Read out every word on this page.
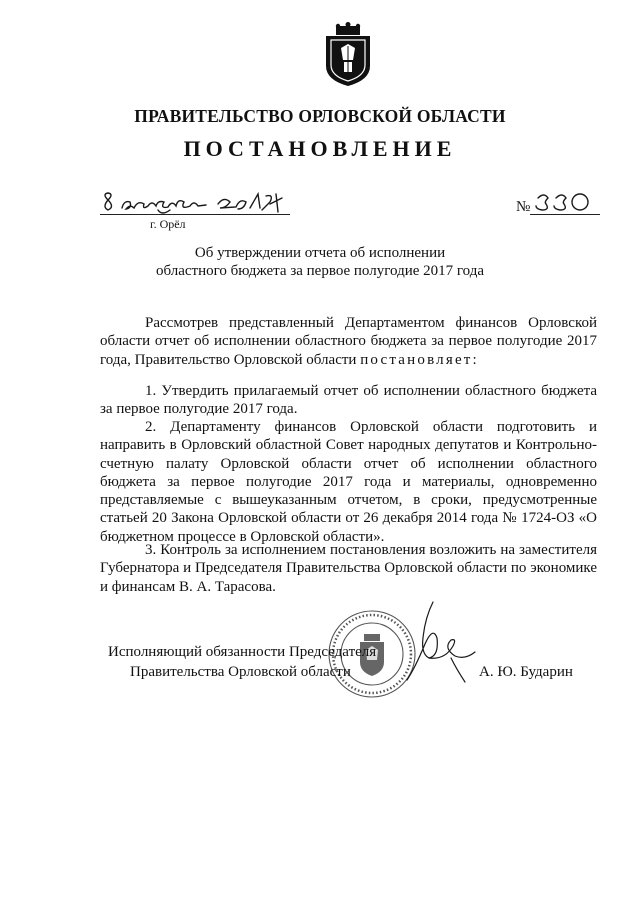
ПРАВИТЕЛЬСТВО ОРЛОВСКОЙ ОБЛАСТИ
ПОСТАНОВЛЕНИЕ
г. Орёл
№
Об утверждении отчета об исполнении
областного бюджета за первое полугодие 2017 года
Рассмотрев представленный Департаментом финансов Орловской области отчет об исполнении областного бюджета за первое полугодие 2017 года, Правительство Орловской области постановляет:
1. Утвердить прилагаемый отчет об исполнении областного бюджета за первое полугодие 2017 года.
2. Департаменту финансов Орловской области подготовить и направить в Орловский областной Совет народных депутатов и Контрольно-счетную палату Орловской области отчет об исполнении областного бюджета за первое полугодие 2017 года и материалы, одновременно представляемые с вышеуказанным отчетом, в сроки, предусмотренные статьей 20 Закона Орловской области от 26 декабря 2014 года № 1724-ОЗ «О бюджетном процессе в Орловской области».
3. Контроль за исполнением постановления возложить на заместителя Губернатора и Председателя Правительства Орловской области по экономике и финансам В. А. Тарасова.
Исполняющий обязанности Председателя
Правительства Орловской области	А. Ю. Бударин
